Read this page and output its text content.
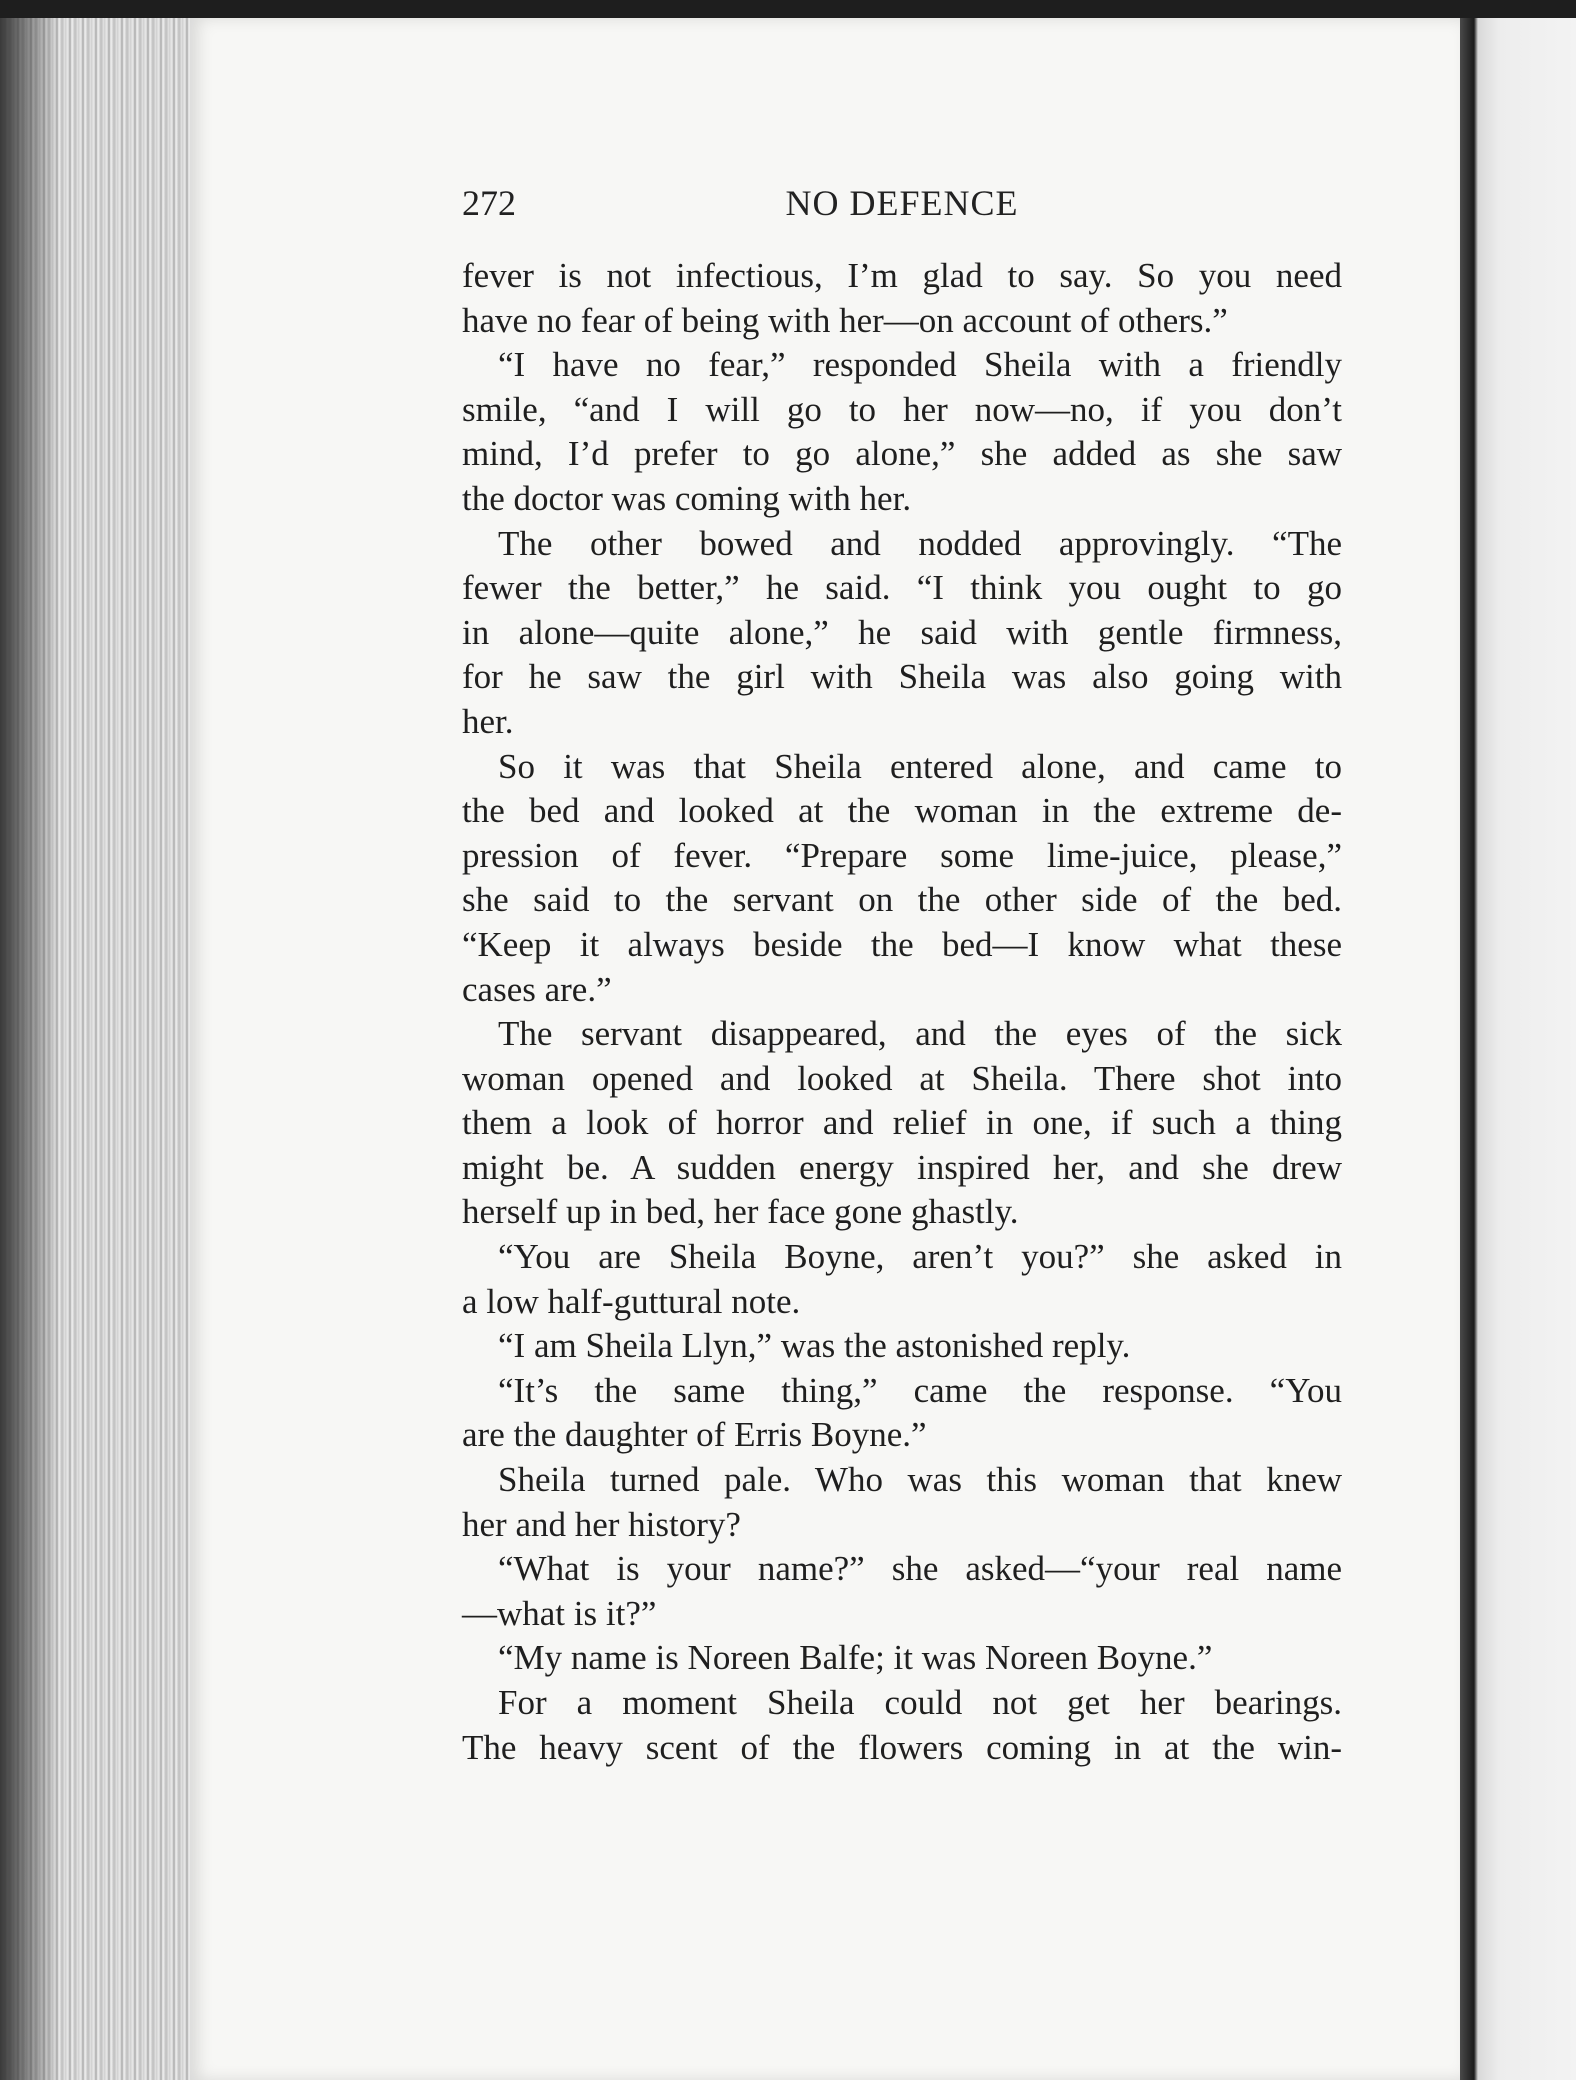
272	NO DEFENCE
fever is not infectious, I’m glad to say. So you need
have no fear of being with her—on account of others.”
“I have no fear,” responded Sheila with a friendly
smile, “and I will go to her now—no, if you don’t
mind, I’d prefer to go alone,” she added as she saw
the doctor was coming with her.
The other bowed and nodded approvingly. “The
fewer the better,” he said. “I think you ought to go
in alone—quite alone,” he said with gentle firmness,
for he saw the girl with Sheila was also going with
her.
So it was that Sheila entered alone, and came to
the bed and looked at the woman in the extreme de-
pression of fever. “Prepare some lime-juice, please,”
she said to the servant on the other side of the bed.
“Keep it always beside the bed—I know what these
cases are.”
The servant disappeared, and the eyes of the sick
woman opened and looked at Sheila. There shot into
them a look of horror and relief in one, if such a thing
might be. A sudden energy inspired her, and she drew
herself up in bed, her face gone ghastly.
“You are Sheila Boyne, aren’t you?” she asked in
a low half-guttural note.
“I am Sheila Llyn,” was the astonished reply.
“It’s the same thing,” came the response. “You
are the daughter of Erris Boyne.”
Sheila turned pale. Who was this woman that knew
her and her history?
“What is your name?” she asked—“your real name
—what is it?”
“My name is Noreen Balfe; it was Noreen Boyne.”
For a moment Sheila could not get her bearings.
The heavy scent of the flowers coming in at the win-
